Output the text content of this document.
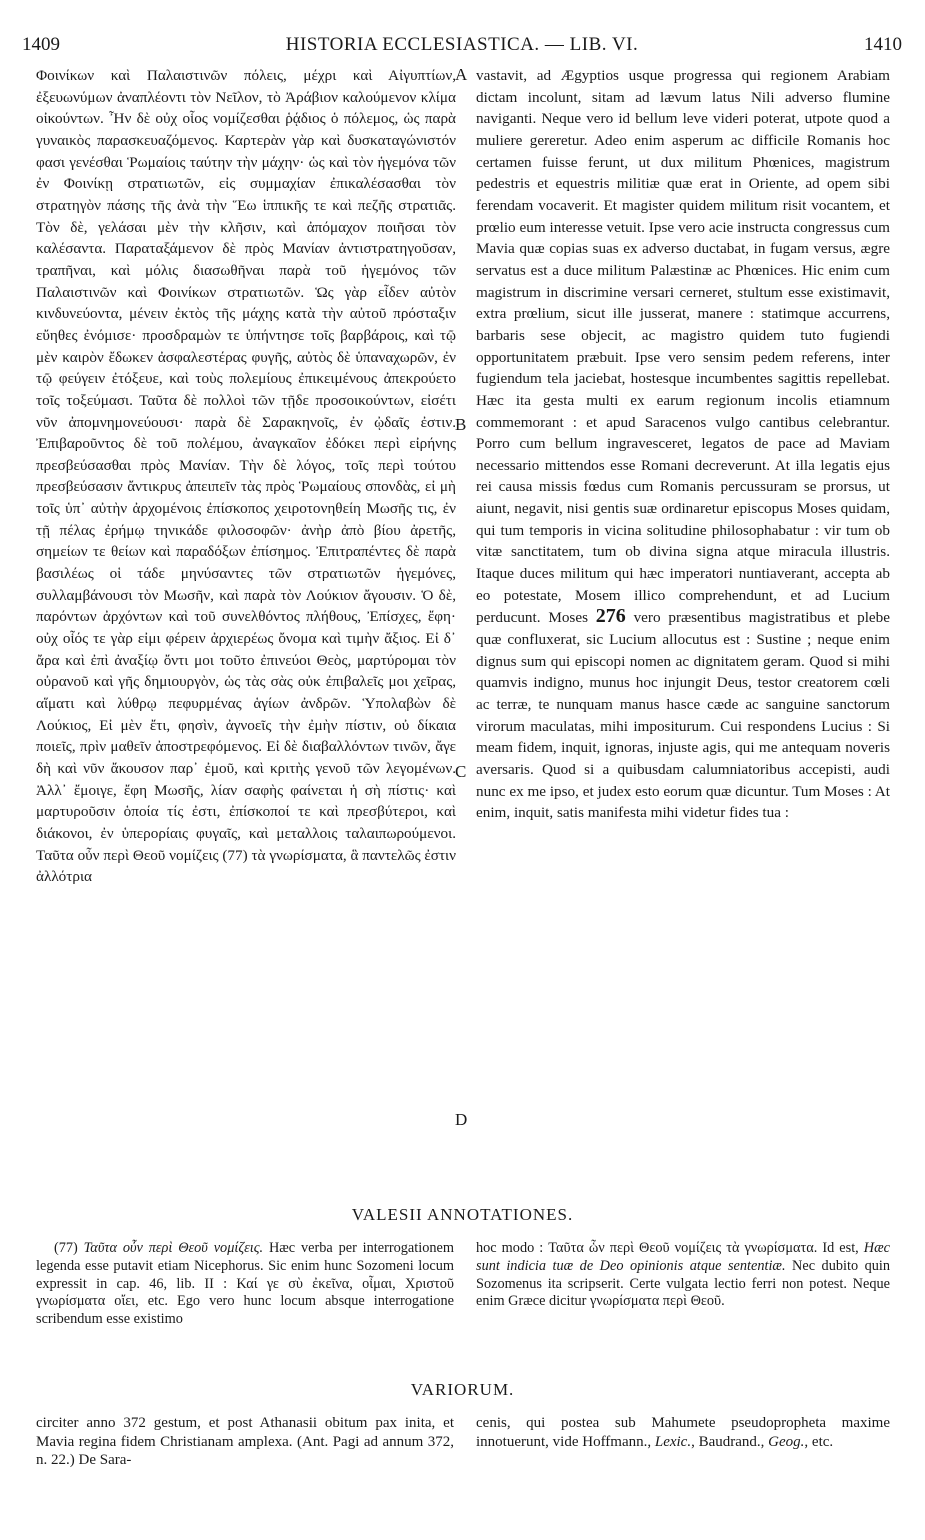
HISTORIA ECCLESIASTICA. — LIB. VI.
1409	1410

Φοινίκων καὶ Παλαιστινῶν πόλεις, μέχρι καὶ Αἰγυπτίων, ἐξευωνύμων ἀναπλέοντι τὸν Νεῖλον, τὸ Ἀράβιον καλούμενον κλίμα οἰκούντων. Ἦν δὲ οὐχ οἷος νομίζεσθαι ῥᾴδιος ὁ πόλεμος, ὡς παρὰ γυναικὸς παρασκευαζόμενος. Καρτερὰν γὰρ καὶ δυσκαταγώνιστόν φασι γενέσθαι Ῥωμαίοις ταύτην τὴν μάχην· ὡς καὶ τὸν ἡγεμόνα τῶν ἐν Φοινίκῃ στρατιωτῶν, εἰς συμμαχίαν ἐπικαλέσασθαι τὸν στρατηγὸν πάσης τῆς ἀνὰ τὴν Ἕω ἱππικῆς τε καὶ πεζῆς στρατιᾶς. Τὸν δὲ, γελάσαι μὲν τὴν κλῆσιν, καὶ ἀπόμαχον ποιῆσαι τὸν καλέσαντα. Παραταξάμενον δὲ πρὸς Μανίαν ἀντιστρατηγοῦσαν, τραπῆναι, καὶ μόλις διασωθῆναι παρὰ τοῦ ἡγεμόνος τῶν Παλαιστινῶν καὶ Φοινίκων στρατιωτῶν. Ὡς γὰρ εἶδεν αὐτὸν κινδυνεύοντα, μένειν ἐκτὸς τῆς μάχης κατὰ τὴν αὐτοῦ πρόσταξιν εὔηθες ἐνόμισε· προσδραμὼν τε ὑπήντησε τοῖς βαρβάροις, καὶ τῷ μὲν καιρὸν ἔδωκεν ἀσφαλεστέρας φυγῆς, αὐτὸς δὲ ὑπαναχωρῶν, ἐν τῷ φεύγειν ἐτόξευε, καὶ τοὺς πολεμίους ἐπικειμένους ἀπεκρούετο τοῖς τοξεύμασι. Ταῦτα δὲ πολλοὶ τῶν τῇδε προσοικούντων, εἰσέτι νῦν ἀπομνημονεύουσι· παρὰ δὲ Σαρακηνοῖς, ἐν ᾠδαῖς ἐστιν. Ἐπιβαροῦντος δὲ τοῦ πολέμου, ἀναγκαῖον ἐδόκει περὶ εἰρήνης πρεσβεύσασθαι πρὸς Μανίαν. Τὴν δὲ λόγος, τοῖς περὶ τούτου πρεσβεύσασιν ἄντικρυς ἀπειπεῖν τὰς πρὸς Ῥωμαίους σπονδὰς, εἰ μὴ τοῖς ὑπ᾽ αὐτὴν ἀρχομένοις ἐπίσκοπος χειροτονηθείη Μωσῆς τις, ἐν τῇ πέλας ἐρήμῳ τηνικάδε φιλοσοφῶν· ἀνὴρ ἀπὸ βίου ἀρετῆς, σημείων τε θείων καὶ παραδόξων ἐπίσημος. Ἐπιτραπέντες δὲ παρὰ βασιλέως οἱ τάδε μηνύσαντες τῶν στρατιωτῶν ἡγεμόνες, συλλαμβάνουσι τὸν Μωσῆν, καὶ παρὰ τὸν Λούκιον ἄγουσιν. Ὁ δὲ, παρόντων ἀρχόντων καὶ τοῦ συνελθόντος πλήθους, Ἐπίσχες, ἔφη· οὐχ οἷός τε γὰρ εἰμι φέρειν ἀρχιερέως ὄνομα καὶ τιμὴν ἄξιος. Εἰ δ᾽ ἄρα καὶ ἐπὶ ἀναξίῳ ὄντι μοι τοῦτο ἐπινεύοι Θεὸς, μαρτύρομαι τὸν οὐρανοῦ καὶ γῆς δημιουργὸν, ὡς τὰς σὰς οὐκ ἐπιβαλεῖς μοι χεῖρας, αἵματι καὶ λύθρῳ πεφυρμένας ἁγίων ἀνδρῶν. Ὑπολαβὼν δὲ Λούκιος, Εἰ μὲν ἔτι, φησὶν, ἀγνοεῖς τὴν ἐμὴν πίστιν, οὐ δίκαια ποιεῖς, πρὶν μαθεῖν ἀποστρεφόμενος. Εἰ δὲ διαβαλλόντων τινῶν, ἄγε δὴ καὶ νῦν ἄκουσον παρ᾽ ἐμοῦ, καὶ κριτὴς γενοῦ τῶν λεγομένων. Ἀλλ᾽ ἔμοιγε, ἔφη Μωσῆς, λίαν σαφὴς φαίνεται ἡ σὴ πίστις· καὶ μαρτυροῦσιν ὁποία τίς ἐστι, ἐπίσκοποί τε καὶ πρεσβύτεροι, καὶ διάκονοι, ἐν ὑπερορίαις φυγαῖς, καὶ μεταλλοις ταλαιπωρούμενοι. Ταῦτα οὖν περὶ Θεοῦ νομίζεις (77) τὰ γνωρίσματα, ἃ παντελῶς ἐστιν ἀλλότρια

A
B
C
D

vastavit, ad Ægyptios usque progressa qui regionem Arabiam dictam incolunt, sitam ad lævum latus Nili adverso flumine naviganti. Neque vero id bellum leve videri poterat, utpote quod a muliere gereretur. Adeo enim asperum ac difficile Romanis hoc certamen fuisse ferunt, ut dux militum Phœnices, magistrum pedestris et equestris militiæ quæ erat in Oriente, ad opem sibi ferendam vocaverit. Et magister quidem militum risit vocantem, et prœlio eum interesse vetuit. Ipse vero acie instructa congressus cum Mavia quæ copias suas ex adverso ductabat, in fugam versus, ægre servatus est a duce militum Palæstinæ ac Phœnices. Hic enim cum magistrum in discrimine versari cerneret, stultum esse existimavit, extra prœlium, sicut ille jusserat, manere : statimque accurrens, barbaris sese objecit, ac magistro quidem tuto fugiendi opportunitatem præbuit. Ipse vero sensim pedem referens, inter fugiendum tela jaciebat, hostesque incumbentes sagittis repellebat. Hæc ita gesta multi ex earum regionum incolis etiamnum commemorant : et apud Saracenos vulgo cantibus celebrantur. Porro cum bellum ingravesceret, legatos de pace ad Maviam necessario mittendos esse Romani decreverunt. At illa legatis ejus rei causa missis fœdus cum Romanis percussuram se prorsus, ut aiunt, negavit, nisi gentis suæ ordinaretur episcopus Moses quidam, qui tum temporis in vicina solitudine philosophabatur : vir tum ob vitæ sanctitatem, tum ob divina signa atque miracula illustris. Itaque duces militum qui hæc imperatori nuntiaverant, accepta ab eo potestate, Mosem illico comprehendunt, et ad Lucium perducunt. Moses 276 vero præsentibus magistratibus et plebe quæ confluxerat, sic Lucium allocutus est : Sustine ; neque enim dignus sum qui episcopi nomen ac dignitatem geram. Quod si mihi quamvis indigno, munus hoc injungit Deus, testor creatorem cœli ac terræ, te nunquam manus hasce cæde ac sanguine sanctorum virorum maculatas, mihi impositurum. Cui respondens Lucius : Si meam fidem, inquit, ignoras, injuste agis, qui me antequam noveris aversaris. Quod si a quibusdam calumniatoribus accepisti, audi nunc ex me ipso, et judex esto eorum quæ dicuntur. Tum Moses : At enim, inquit, satis manifesta mihi videtur fides tua :

VALESII ANNOTATIONES.

(77) Ταῦτα οὖν περὶ Θεοῦ νομίζεις. Hæc verba per interrogationem legenda esse putavit etiam Nicephorus. Sic enim hunc Sozomeni locum expressit in cap. 46, lib. II : Καί γε σὺ ἐκεῖνα, οἶμαι, Χριστοῦ γνωρίσματα οἴει, etc. Ego vero hunc locum absque interrogatione scribendum esse existimo

hoc modo : Ταῦτα ὧν περὶ Θεοῦ νομίζεις τὰ γνωρίσματα. Id est, Hæc sunt indicia tuæ de Deo opinionis atque sententiæ. Nec dubito quin Sozomenus ita scripserit. Certe vulgata lectio ferri non potest. Neque enim Græce dicitur γνωρίσματα περὶ Θεοῦ.

VARIORUM.

circiter anno 372 gestum, et post Athanasii obitum pax inita, et Mavia regina fidem Christianam amplexa. (Ant. Pagi ad annum 372, n. 22.) De Sara-

cenis, qui postea sub Mahumete pseudopropheta maxime innotuerunt, vide Hoffmann., Lexic., Baudrand., Geog., etc.
